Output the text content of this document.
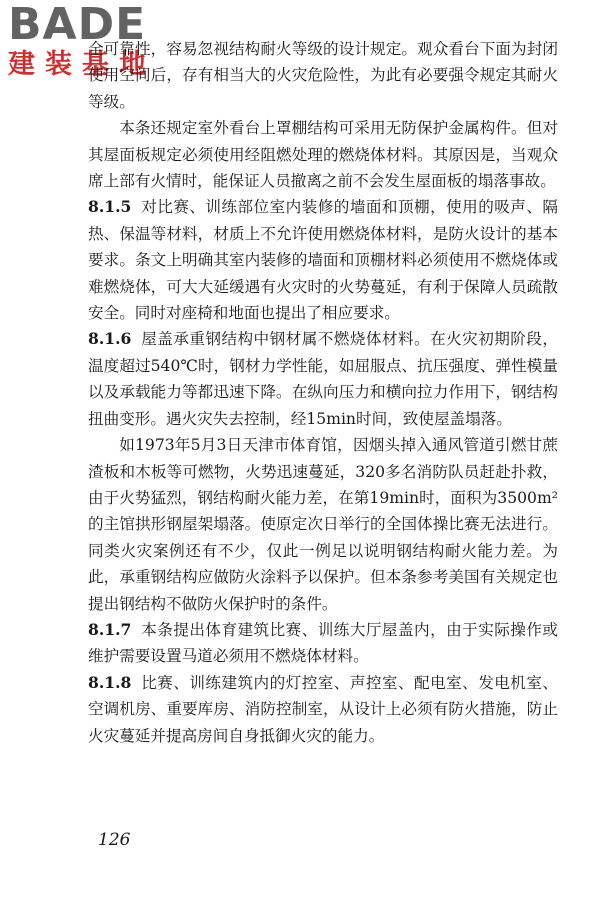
BADE
建装基地

全可靠性，容易忽视结构耐火等级的设计规定。观众看台下面为封闭使用空间后，存有相当大的火灾危险性，为此有必要强令规定其耐火等级。

本条还规定室外看台上罩棚结构可采用无防保护金属构件。但对其屋面板规定必须使用经阻燃处理的燃烧体材料。其原因是，当观众席上部有火情时，能保证人员撤离之前不会发生屋面板的塌落事故。

8.1.5 对比赛、训练部位室内装修的墙面和顶棚，使用的吸声、隔热、保温等材料，材质上不允许使用燃烧体材料，是防火设计的基本要求。条文上明确其室内装修的墙面和顶棚材料必须使用不燃烧体或难燃烧体，可大大延缓遇有火灾时的火势蔓延，有利于保障人员疏散安全。同时对座椅和地面也提出了相应要求。

8.1.6 屋盖承重钢结构中钢材属不燃烧体材料。在火灾初期阶段，温度超过540℃时，钢材力学性能，如屈服点、抗压强度、弹性模量以及承载能力等都迅速下降。在纵向压力和横向拉力作用下，钢结构扭曲变形。遇火灾失去控制，经15min时间，致使屋盖塌落。

如1973年5月3日天津市体育馆，因烟头掉入通风管道引燃甘蔗渣板和木板等可燃物，火势迅速蔓延，320多名消防队员赶赴扑救，由于火势猛烈，钢结构耐火能力差，在第19min时，面积为3500m² 的主馆拱形钢屋架塌落。使原定次日举行的全国体操比赛无法进行。同类火灾案例还有不少，仅此一例足以说明钢结构耐火能力差。为此，承重钢结构应做防火涂料予以保护。但本条参考美国有关规定也提出钢结构不做防火保护时的条件。

8.1.7 本条提出体育建筑比赛、训练大厅屋盖内，由于实际操作或维护需要设置马道必须用不燃烧体材料。

8.1.8 比赛、训练建筑内的灯控室、声控室、配电室、发电机室、空调机房、重要库房、消防控制室，从设计上必须有防火措施，防止火灾蔓延并提高房间自身抵御火灾的能力。

126
